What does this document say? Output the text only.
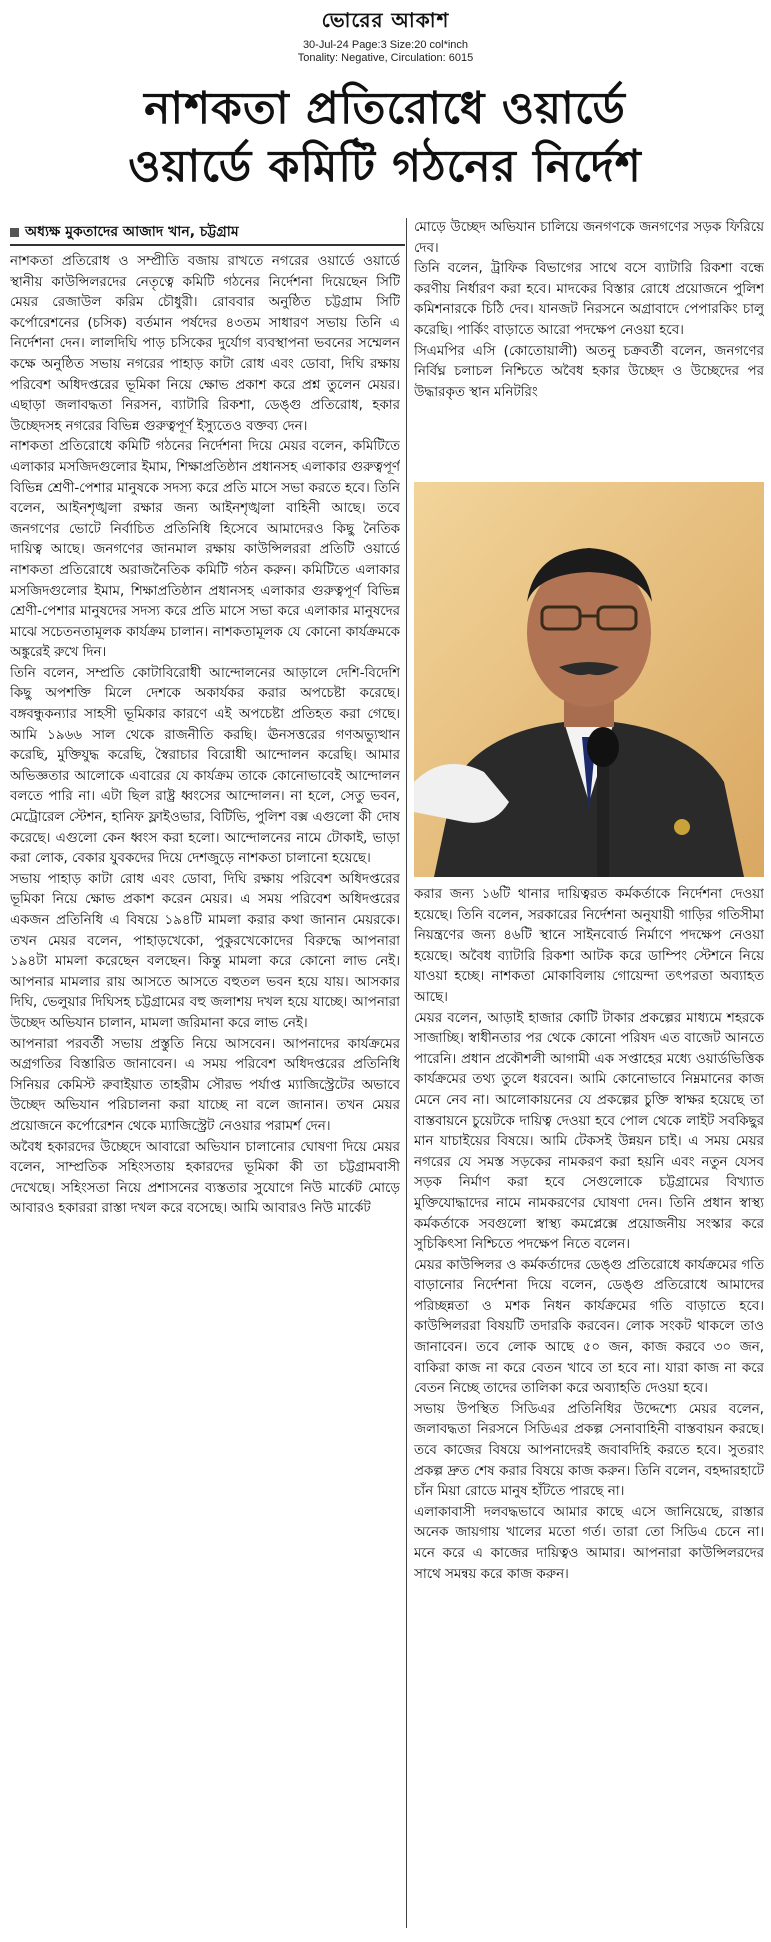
ভোরের আকাশ
30-Jul-24 Page:3 Size:20 col*inch
Tonality: Negative, Circulation: 6015
নাশকতা প্রতিরোধে ওয়ার্ডে
ওয়ার্ডে কমিটি গঠনের নির্দেশ
অধ্যক্ষ মুকতাদের আজাদ খান, চট্টগ্রাম

নাশকতা প্রতিরোধ ও সম্প্রীতি বজায় রাখতে নগরের ওয়ার্ডে ওয়ার্ডে স্থানীয় কাউন্সিলরদের নেতৃত্বে কমিটি গঠনের নির্দেশনা দিয়েছেন সিটি মেয়র রেজাউল করিম চৌধুরী। রোববার অনুষ্ঠিত চট্টগ্রাম সিটি কর্পোরেশনের (চসিক) বর্তমান পর্ষদের ৪৩তম সাধারণ সভায় তিনি এ নির্দেশনা দেন। লালদিঘি পাড় চসিকের দুর্যোগ ব্যবস্থাপনা ভবনের সম্মেলন কক্ষে অনুষ্ঠিত সভায় নগরের পাহাড় কাটা রোধ এবং ডোবা, দিঘি রক্ষায় পরিবেশ অধিদপ্তরের ভূমিকা নিয়ে ক্ষোভ প্রকাশ করে প্রশ্ন তুলেন মেয়র। এছাড়া জলাবদ্ধতা নিরসন, ব্যাটারি রিকশা, ডেঙ্গু প্রতিরোধ, হকার উচ্ছেদসহ নগরের বিভিন্ন গুরুত্বপূর্ণ ইস্যুতেও বক্তব্য দেন।

নাশকতা প্রতিরোধে কমিটি গঠনের নির্দেশনা দিয়ে মেয়র বলেন, কমিটিতে এলাকার মসজিদগুলোর ইমাম, শিক্ষাপ্রতিষ্ঠান প্রধানসহ এলাকার গুরুত্বপূর্ণ বিভিন্ন শ্রেণী-পেশার মানুষকে সদস্য করে প্রতি মাসে সভা করতে হবে। তিনি বলেন, আইনশৃঙ্খলা রক্ষার জন্য আইনশৃঙ্খলা বাহিনী আছে। তবে জনগণের ভোটে নির্বাচিত প্রতিনিধি হিসেবে আমাদেরও কিছু নৈতিক দায়িত্ব আছে। জনগণের জানমাল রক্ষায় কাউন্সিলররা প্রতিটি ওয়ার্ডে নাশকতা প্রতিরোধে অরাজনৈতিক কমিটি গঠন করুন। কমিটিতে এলাকার মসজিদগুলোর ইমাম, শিক্ষাপ্রতিষ্ঠান প্রধানসহ এলাকার গুরুত্বপূর্ণ বিভিন্ন শ্রেণী-পেশার মানুষদের সদস্য করে প্রতি মাসে সভা করে এলাকার মানুষদের মাঝে সচেতনতামূলক কার্যক্রম চালান। নাশকতামূলক যে কোনো কার্যক্রমকে অঙ্কুরেই রুখে দিন।

তিনি বলেন, সম্প্রতি কোটাবিরোধী আন্দোলনের আড়ালে দেশি-বিদেশি কিছু অপশক্তি মিলে দেশকে অকার্যকর করার অপচেষ্টা করেছে। বঙ্গবন্ধুকন্যার সাহসী ভূমিকার কারণে এই অপচেষ্টা প্রতিহত করা গেছে। আমি ১৯৬৬ সাল থেকে রাজনীতি করছি। ঊনসত্তরের গণঅভ্যুত্থান করেছি, মুক্তিযুদ্ধ করেছি, স্বৈরাচার বিরোধী আন্দোলন করেছি। আমার অভিজ্ঞতার আলোকে এবারের যে কার্যক্রম তাকে কোনোভাবেই আন্দোলন বলতে পারি না। এটা ছিল রাষ্ট্র ধ্বংসের আন্দোলন। না হলে, সেতু ভবন, মেট্রোরেল স্টেশন, হানিফ ফ্লাইওভার, বিটিভি, পুলিশ বক্স এগুলো কী দোষ করেছে। এগুলো কেন ধ্বংস করা হলো। আন্দোলনের নামে টোকাই, ভাড়া করা লোক, বেকার যুবকদের দিয়ে দেশজুড়ে নাশকতা চালানো হয়েছে।

সভায় পাহাড় কাটা রোধ এবং ডোবা, দিঘি রক্ষায় পরিবেশ অধিদপ্তরের ভূমিকা নিয়ে ক্ষোভ প্রকাশ করেন মেয়র। এ সময় পরিবেশ অধিদপ্তরের একজন প্রতিনিধি এ বিষয়ে ১৯৪টি মামলা করার কথা জানান মেয়রকে। তখন মেয়র বলেন, পাহাড়খেকো, পুকুরখেকোদের বিরুদ্ধে আপনারা ১৯৪টা মামলা করেছেন বলছেন। কিন্তু মামলা করে কোনো লাভ নেই। আপনার মামলার রায় আসতে আসতে বহুতল ভবন হয়ে যায়। আসকার দিঘি, ভেলুয়ার দিঘিসহ চট্টগ্রামের বহু জলাশয় দখল হয়ে যাচ্ছে। আপনারা উচ্ছেদ অভিযান চালান, মামলা জরিমানা করে লাভ নেই।

আপনারা পরবর্তী সভায় প্রস্তুতি নিয়ে আসবেন। আপনাদের কার্যক্রমের অগ্রগতির বিস্তারিত জানাবেন। এ সময় পরিবেশ অধিদপ্তরের প্রতিনিধি সিনিয়র কেমিস্ট রুবাইয়াত তাহরীম সৌরভ পর্যাপ্ত ম্যাজিস্ট্রেটের অভাবে উচ্ছেদ অভিযান পরিচালনা করা যাচ্ছে না বলে জানান। তখন মেয়র প্রয়োজনে কর্পোরেশন থেকে ম্যাজিস্ট্রেট নেওয়ার পরামর্শ দেন।

অবৈধ হকারদের উচ্ছেদে আবারো অভিযান চালানোর ঘোষণা দিয়ে মেয়র বলেন, সাম্প্রতিক সহিংসতায় হকারদের ভূমিকা কী তা চট্টগ্রামবাসী দেখেছে। সহিংসতা নিয়ে প্রশাসনের ব্যস্ততার সুযোগে নিউ মার্কেট মোড়ে আবারও হকাররা রাস্তা দখল করে বসেছে। আমি আবারও নিউ মার্কেট

মোড়ে উচ্ছেদ অভিযান চালিয়ে জনগণকে জনগণের সড়ক ফিরিয়ে দেব।

তিনি বলেন, ট্রাফিক বিভাগের সাথে বসে ব্যাটারি রিকশা বন্ধে করণীয় নির্ধারণ করা হবে। মাদকের বিস্তার রোধে প্রয়োজনে পুলিশ কমিশনারকে চিঠি দেব। যানজট নিরসনে অগ্রাবাদে পেপারকিং চালু করেছি। পার্কিং বাড়াতে আরো পদক্ষেপ নেওয়া হবে।

সিএমপির এসি (কোতোয়ালী) অতনু চক্রবর্তী বলেন, জনগণের নির্বিঘ্ন চলাচল নিশ্চিতে অবৈধ হকার উচ্ছেদ ও উচ্ছেদের পর উদ্ধারকৃত স্থান মনিটরিং

করার জন্য ১৬টি থানার দায়িত্বরত কর্মকর্তাকে নির্দেশনা দেওয়া হয়েছে। তিনি বলেন, সরকারের নির্দেশনা অনুযায়ী গাড়ির গতিসীমা নিয়ন্ত্রণের জন্য ৪৬টি স্থানে সাইনবোর্ড নির্মাণে পদক্ষেপ নেওয়া হয়েছে। অবৈধ ব্যাটারি রিকশা আটক করে ডাম্পিং স্টেশনে নিয়ে যাওয়া হচ্ছে। নাশকতা মোকাবিলায় গোয়েন্দা তৎপরতা অব্যাহত আছে।

মেয়র বলেন, আড়াই হাজার কোটি টাকার প্রকল্পের মাধ্যমে শহরকে সাজাচ্ছি। স্বাধীনতার পর থেকে কোনো পরিষদ এত বাজেট আনতে পারেনি। প্রধান প্রকৌশলী আগামী এক সপ্তাহের মধ্যে ওয়ার্ডভিত্তিক কার্যক্রমের তথ্য তুলে ধরবেন। আমি কোনোভাবে নিম্নমানের কাজ মেনে নেব না। আলোকায়নের যে প্রকল্পের চুক্তি স্বাক্ষর হয়েছে তা বাস্তবায়নে চুয়েটকে দায়িত্ব দেওয়া হবে পোল থেকে লাইট সবকিছুর মান যাচাইয়ের বিষয়ে। আমি টেকসই উন্নয়ন চাই। এ সময় মেয়র নগরের যে সমস্ত সড়কের নামকরণ করা হয়নি এবং নতুন যেসব সড়ক নির্মাণ করা হবে সেগুলোকে চট্টগ্রামের বিখ্যাত মুক্তিযোদ্ধাদের নামে নামকরণের ঘোষণা দেন। তিনি প্রধান স্বাস্থ্য কর্মকর্তাকে সবগুলো স্বাস্থ্য কমপ্লেক্সে প্রয়োজনীয় সংস্কার করে সুচিকিৎসা নিশ্চিতে পদক্ষেপ নিতে বলেন।

মেয়র কাউন্সিলর ও কর্মকর্তাদের ডেঙ্গু প্রতিরোধে কার্যক্রমের গতি বাড়ানোর নির্দেশনা দিয়ে বলেন, ডেঙ্গু প্রতিরোধে আমাদের পরিচ্ছন্নতা ও মশক নিধন কার্যক্রমের গতি বাড়াতে হবে। কাউন্সিলররা বিষয়টি তদারকি করবেন। লোক সংকট থাকলে তাও জানাবেন। তবে লোক আছে ৫০ জন, কাজ করবে ৩০ জন, বাকিরা কাজ না করে বেতন খাবে তা হবে না। যারা কাজ না করে বেতন নিচ্ছে তাদের তালিকা করে অব্যাহতি দেওয়া হবে।

সভায় উপস্থিত সিডিএর প্রতিনিধির উদ্দেশ্যে মেয়র বলেন, জলাবদ্ধতা নিরসনে সিডিএর প্রকল্প সেনাবাহিনী বাস্তবায়ন করছে। তবে কাজের বিষয়ে আপনাদেরই জবাবদিহি করতে হবে। সুতরাং প্রকল্প দ্রুত শেষ করার বিষয়ে কাজ করুন। তিনি বলেন, বহদ্দারহাটে চাঁন মিয়া রোডে মানুষ হাঁটতে পারছে না।

এলাকাবাসী দলবদ্ধভাবে আমার কাছে এসে জানিয়েছে, রাস্তার অনেক জায়গায় খালের মতো গর্ত। তারা তো সিডিএ চেনে না। মনে করে এ কাজের দায়িত্বও আমার। আপনারা কাউন্সিলরদের সাথে সমন্বয় করে কাজ করুন।
